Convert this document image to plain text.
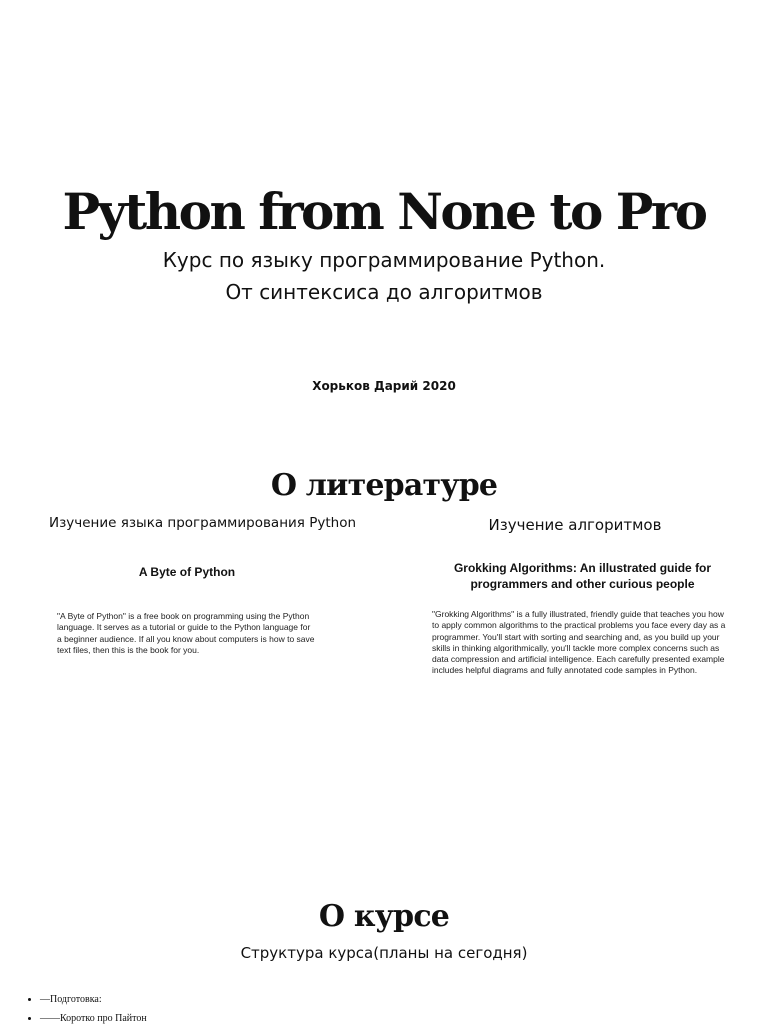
Python from None to Pro
Курс по языку программирование Python.
От синтексиса до алгоритмов
Хорьков Дарий 2020
О литературе
Изучение языка программирования Python	Изучение алгоритмов
A Byte of Python	Grokking Algorithms: An illustrated guide for programmers and other curious people
"A Byte of Python" is a free book on programming using the Python language. It serves as a tutorial or guide to the Python language for a beginner audience. If all you know about computers is how to save text files, then this is the book for you.
"Grokking Algorithms" is a fully illustrated, friendly guide that teaches you how to apply common algorithms to the practical problems you face every day as a programmer. You'll start with sorting and searching and, as you build up your skills in thinking algorithmically, you'll tackle more complex concerns such as data compression and artificial intelligence. Each carefully presented example includes helpful diagrams and fully annotated code samples in Python.
О курсе
Структура курса(планы на сегодня)
• —Подготовка:
• ——Коротко про Пайтон
